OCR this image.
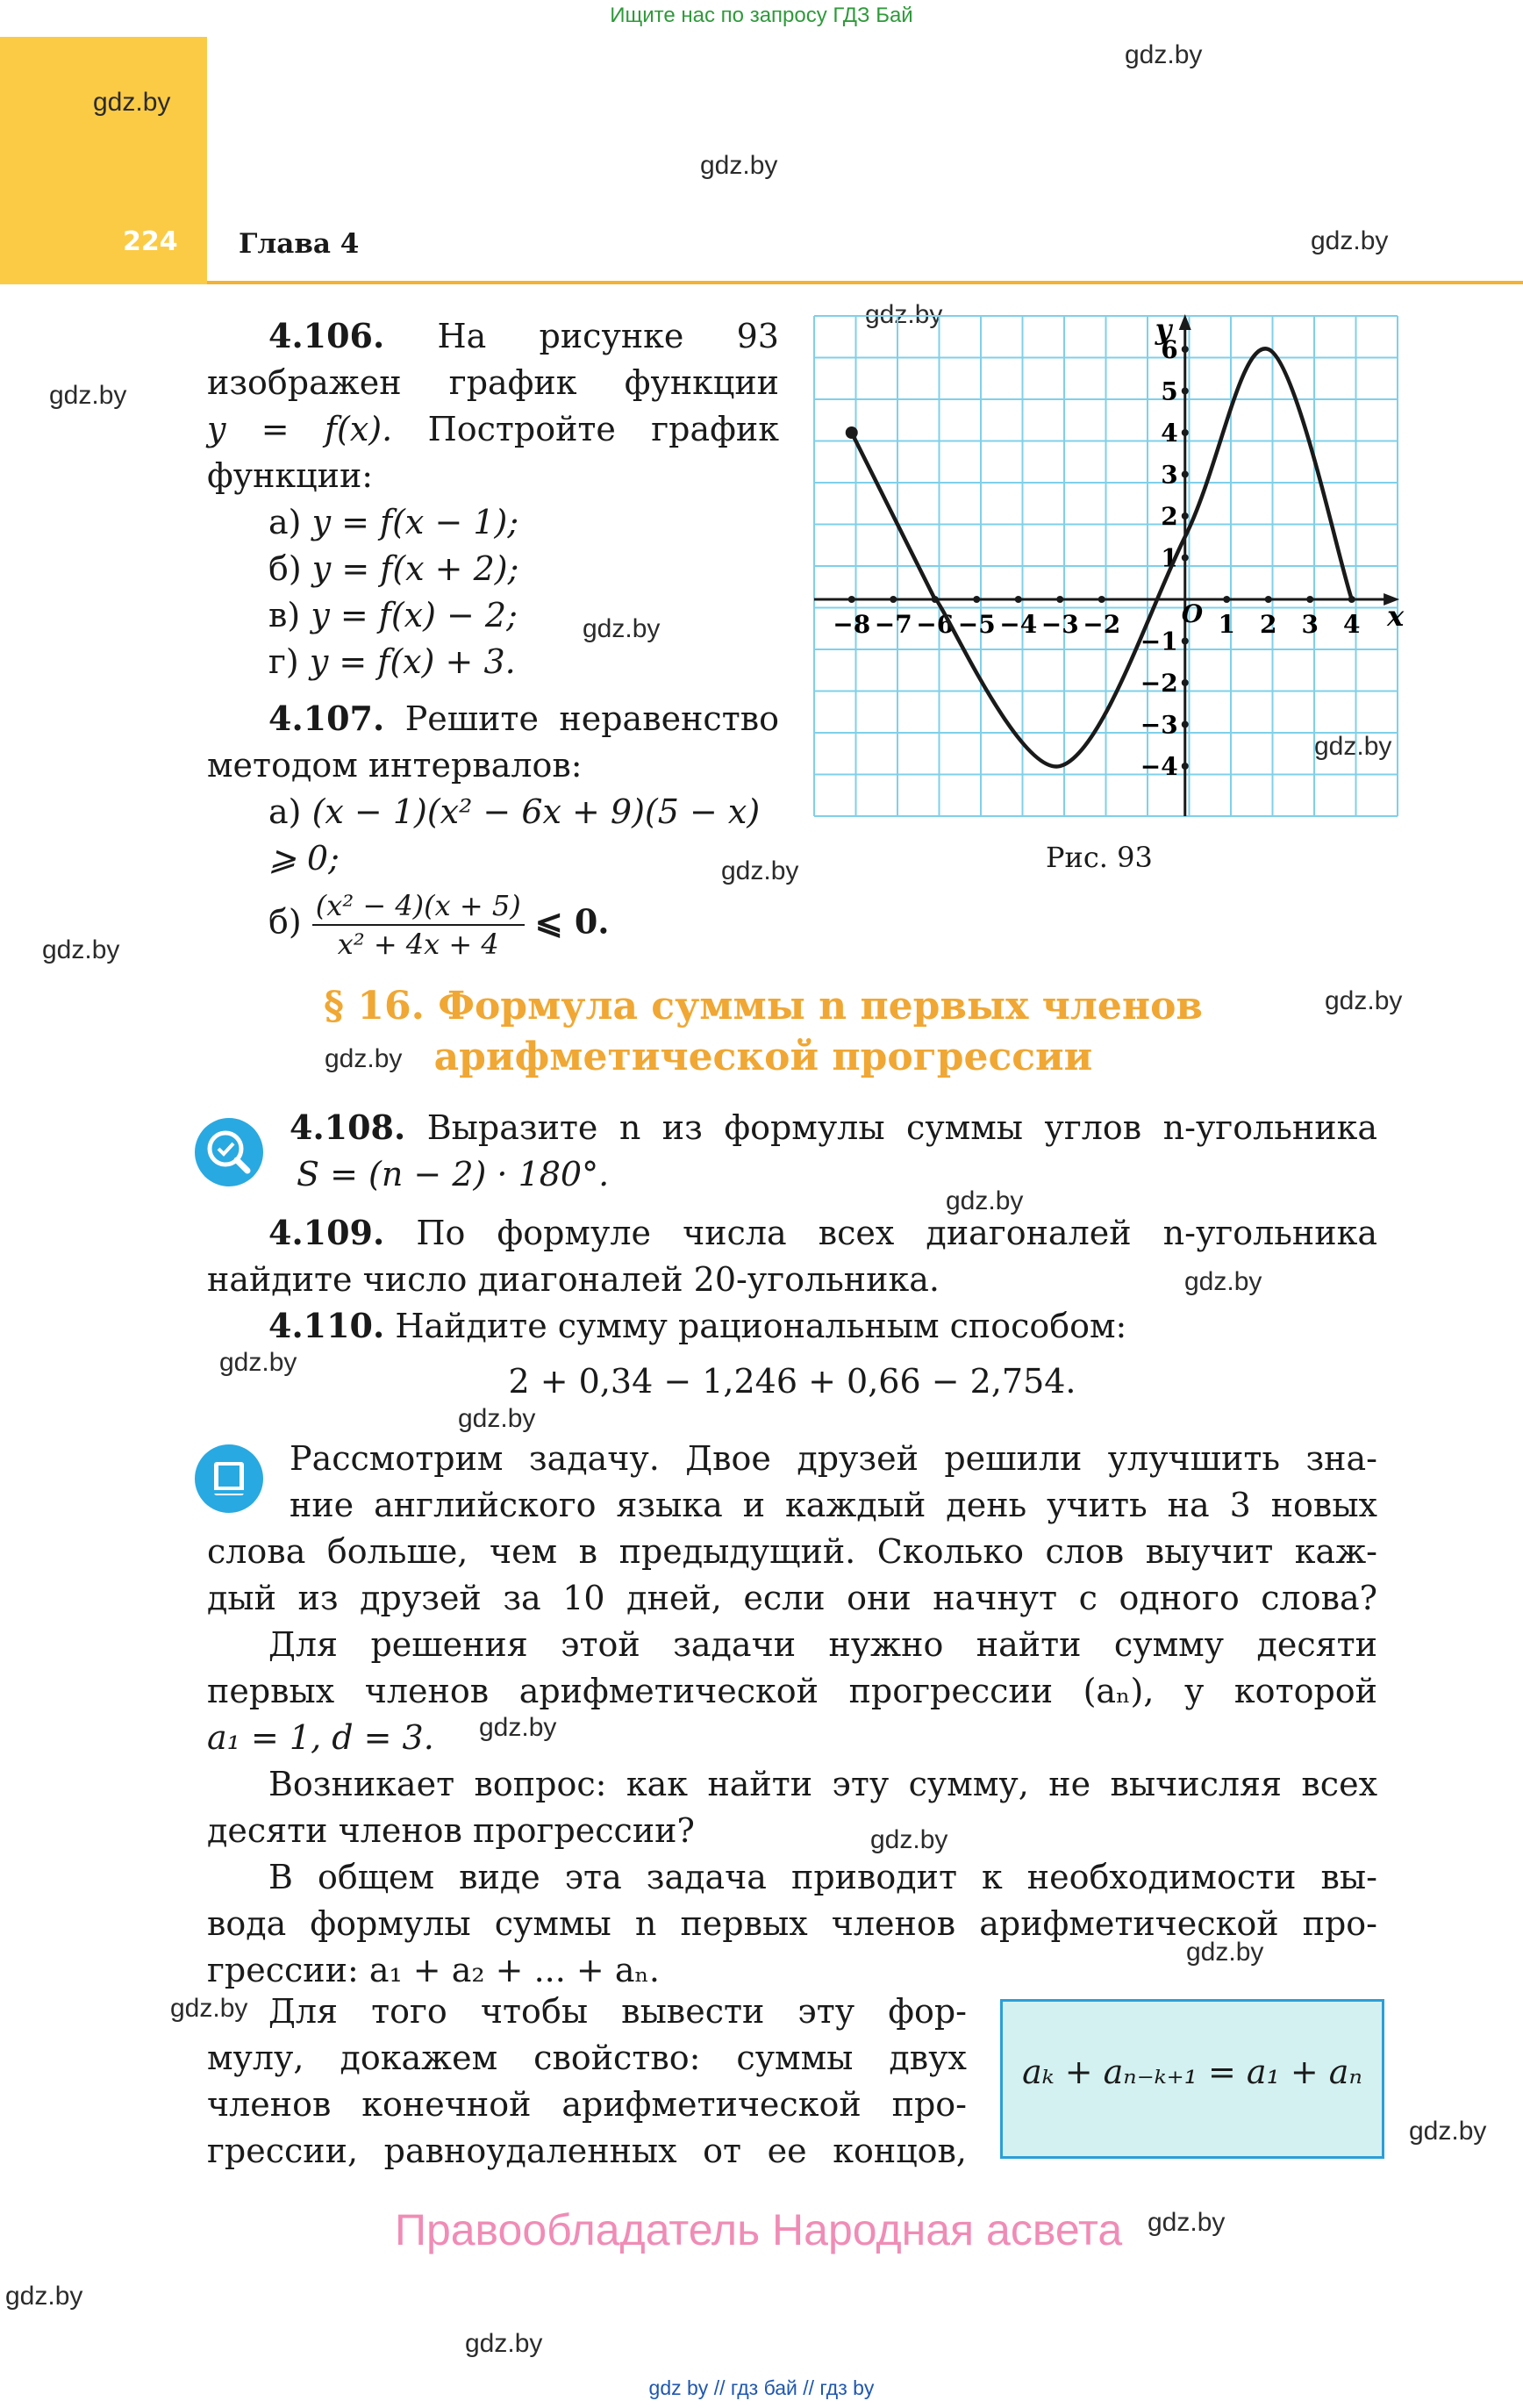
Ищите нас по запросу ГДЗ Бай
224	Глава 4
gdz.by
gdz.by
gdz.by
gdz.by
gdz.by
gdz.by
gdz.by
gdz.by
gdz.by
gdz.by
gdz.by
gdz.by
gdz.by
gdz.by
gdz.by
gdz.by
gdz.by
gdz.by
gdz.by
gdz.by
gdz.by
gdz.by
gdz.by
gdz.by
4.106. На рисунке 93
изображен график функции
y = f(x). Постройте график
функции:
а) y = f(x − 1);
б) y = f(x + 2);
в) y = f(x) − 2;
г) y = f(x) + 3.
4.107. Решите неравенство
методом интервалов:
а) (x − 1)(x² − 6x + 9)(5 − x) ⩾ 0;
$б) \frac{\text{(x² − 4)(x + 5)}}{\text{x² + 4x + 4}}$ ⩽ 0.
−8 −7 −6 −5 −4 −3 −2	1 2 3 4
6
5
4
3
2
1
−1
−2
−3
−4
x
y
O
Рис. 93
§ 16. Формула суммы n первых членов
арифметической прогрессии
4.108. Выразите n из формулы суммы углов n-угольника
S = (n − 2) · 180°.
4.109. По формуле числа всех диагоналей n-угольника
найдите число диагоналей 20-угольника.
4.110. Найдите сумму рациональным способом:
2 + 0,34 − 1,246 + 0,66 − 2,754.
Рассмотрим задачу. Двое друзей решили улучшить зна-
ние английского языка и каждый день учить на 3 новых
слова больше, чем в предыдущий. Сколько слов выучит каж-
дый из друзей за 10 дней, если они начнут с одного слова?
Для решения этой задачи нужно найти сумму десяти
первых членов арифметической прогрессии (aₙ), у которой
a₁ = 1, d = 3.
Возникает вопрос: как найти эту сумму, не вычисляя всех
десяти членов прогрессии?
В общем виде эта задача приводит к необходимости вы-
вода формулы суммы n первых членов арифметической про-
грессии: a₁ + a₂ + ... + aₙ.
Для того чтобы вывести эту фор-
мулу, докажем свойство: суммы двух
членов конечной арифметической про-
грессии, равноудаленных от ее концов,
aₖ + aₙ₋ₖ₊₁ = a₁ + aₙ
Правообладатель Народная асвета
gdz by // гдз бай // гдз by
